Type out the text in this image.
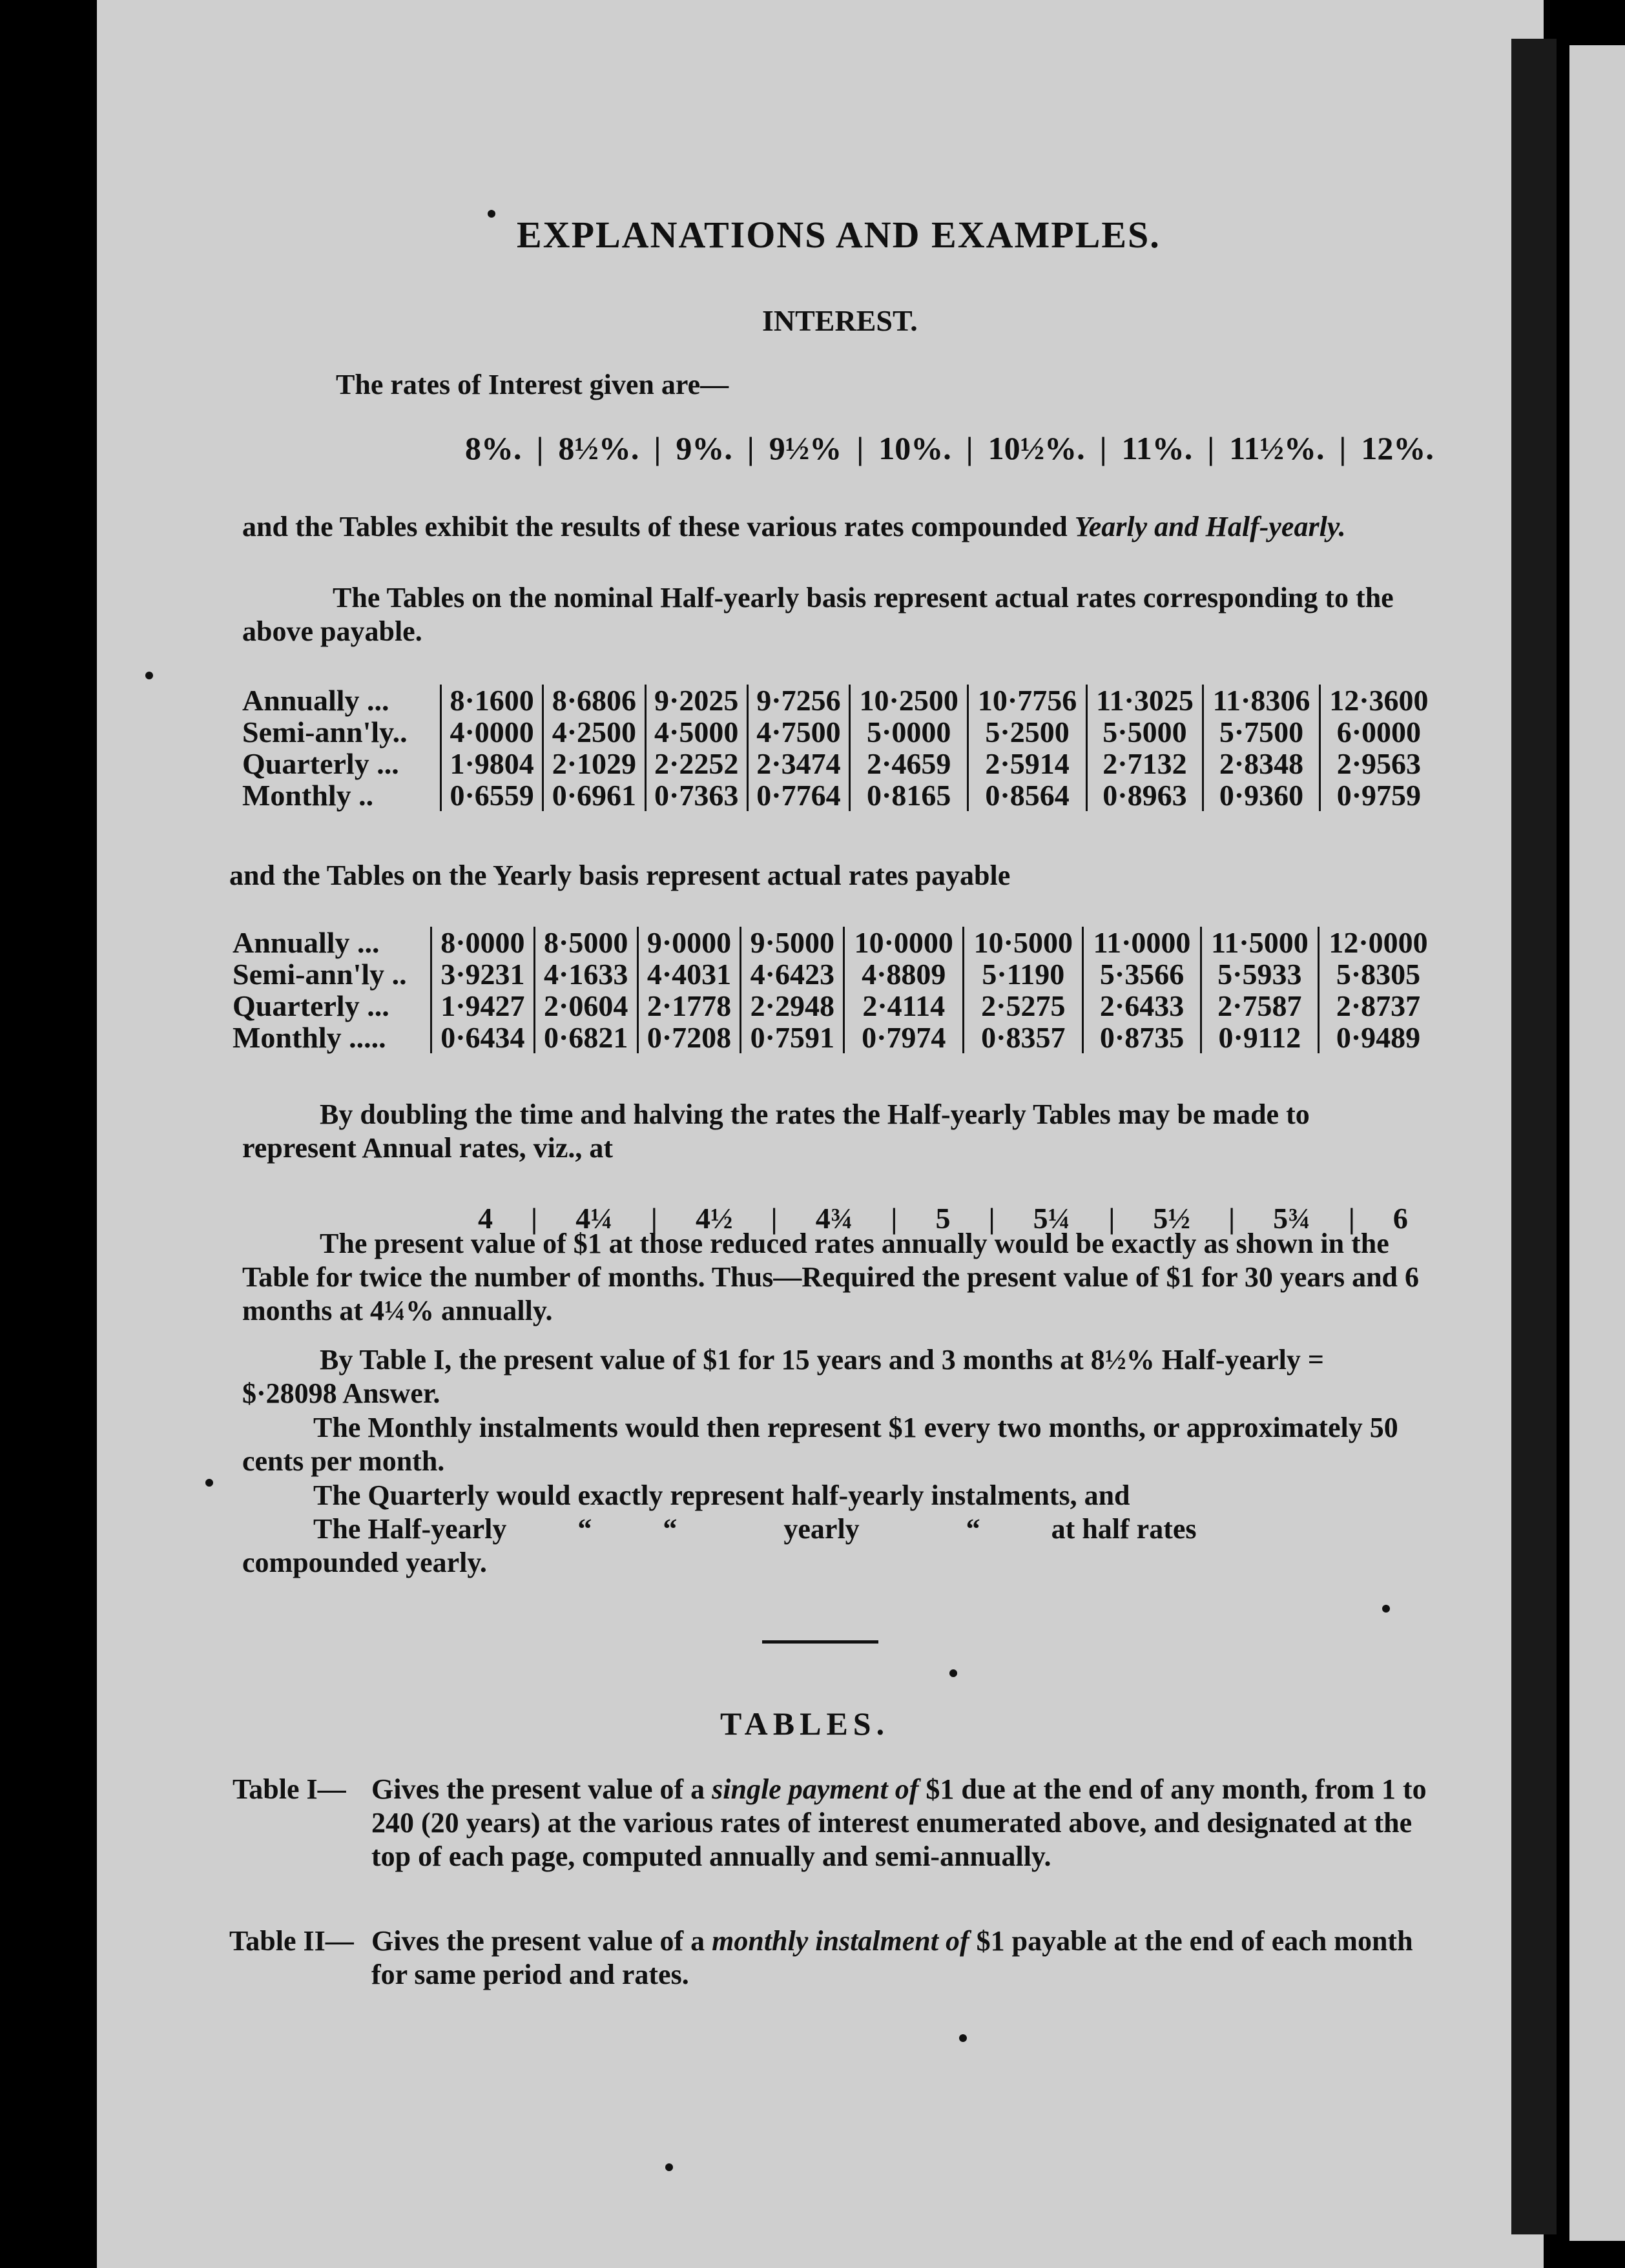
EXPLANATIONS AND EXAMPLES.
INTEREST.
The rates of Interest given are—
8%. | 8½%. | 9%. | 9½% | 10%. | 10½%. | 11%. | 11½%. | 12%.
and the Tables exhibit the results of these various rates compounded Yearly and Half-yearly.
The Tables on the nominal Half-yearly basis represent actual rates corresponding to the above payable.
Annually ...	8·1600	8·6806	9·2025	9·7256	10·2500	10·7756	11·3025	11·8306	12·3600
Semi-ann'ly..	4·0000	4·2500	4·5000	4·7500	5·0000	5·2500	5·5000	5·7500	6·0000
Quarterly ...	1·9804	2·1029	2·2252	2·3474	2·4659	2·5914	2·7132	2·8348	2·9563
Monthly ..	0·6559	0·6961	0·7363	0·7764	0·8165	0·8564	0·8963	0·9360	0·9759
and the Tables on the Yearly basis represent actual rates payable
Annually ...	8·0000	8·5000	9·0000	9·5000	10·0000	10·5000	11·0000	11·5000	12·0000
Semi-ann'ly ..	3·9231	4·1633	4·4031	4·6423	4·8809	5·1190	5·3566	5·5933	5·8305
Quarterly ...	1·9427	2·0604	2·1778	2·2948	2·4114	2·5275	2·6433	2·7587	2·8737
Monthly .....	0·6434	0·6821	0·7208	0·7591	0·7974	0·8357	0·8735	0·9112	0·9489
By doubling the time and halving the rates the Half-yearly Tables may be made to represent Annual rates, viz., at
4 | 4¼ | 4½ | 4¾ | 5 | 5¼ | 5½ | 5¾ | 6
The present value of $1 at those reduced rates annually would be exactly as shown in the Table for twice the number of months. Thus—Required the present value of $1 for 30 years and 6 months at 4¼% annually.
By Table I, the present value of $1 for 15 years and 3 months at 8½% Half-yearly = $·28098 Answer.
The Monthly instalments would then represent $1 every two months, or approximately 50 cents per month.
The Quarterly would exactly represent half-yearly instalments, and
The Half-yearly          “          “               yearly               “          at half rates
compounded yearly.
TABLES.
Table I— Gives the present value of a single payment of $1 due at the end of any month, from 1 to 240 (20 years) at the various rates of interest enumerated above, and designated at the top of each page, computed annually and semi-annually.
Table II— Gives the present value of a monthly instalment of $1 payable at the end of each month for same period and rates.
